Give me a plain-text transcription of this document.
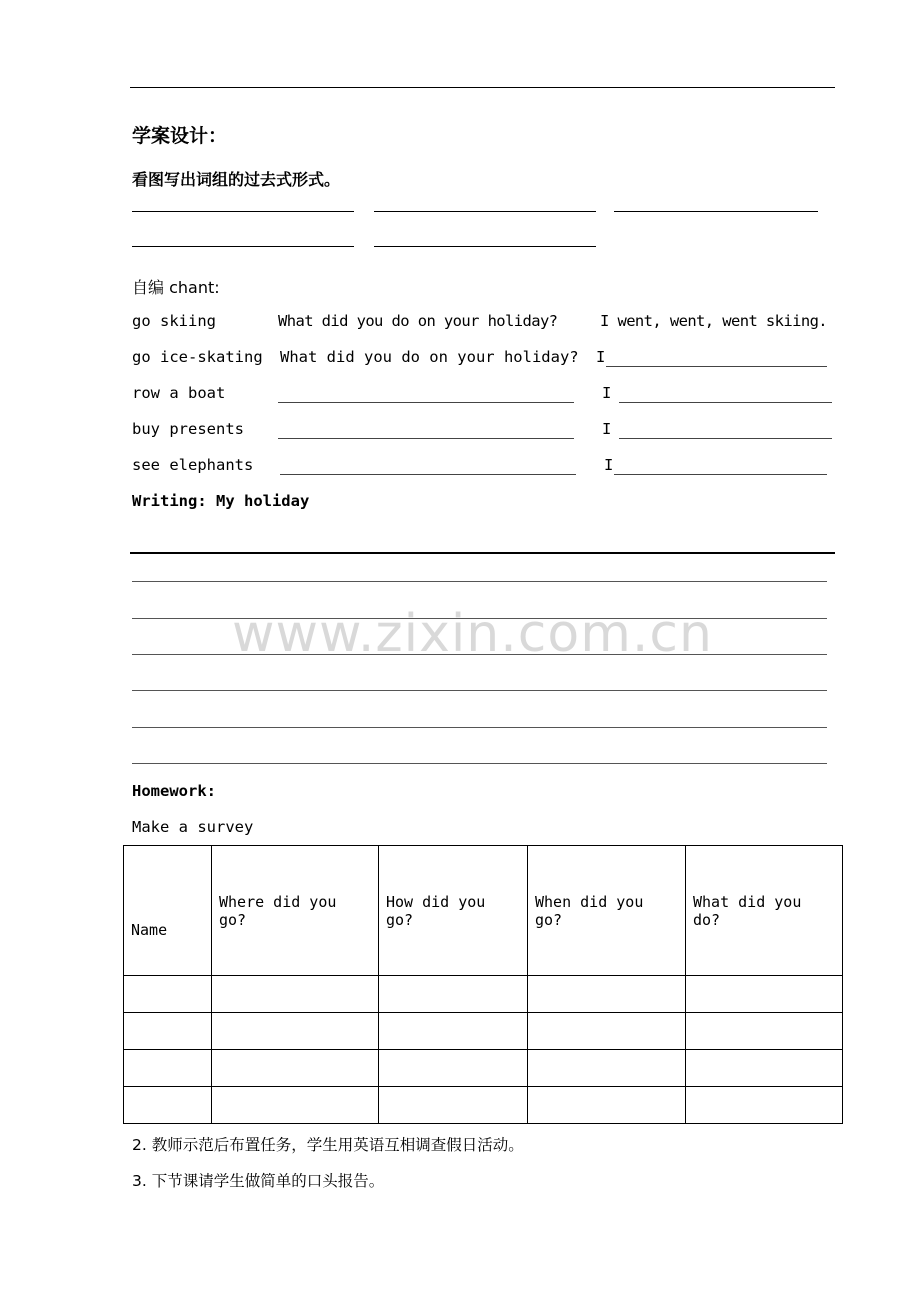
学案设计：
看图写出词组的过去式形式。
自编 chant:
go skiing	What did you do on your holiday?	I went, went, went skiing.
go ice-skating What did you do on your holiday? I
row a boat	I
buy presents	I
see elephants	I
Writing: My holiday
www.zixin.com.cn
Homework:
Make a survey
Name	Where did you go?	How did you go?	When did you go?	What did you do?

2. 教师示范后布置任务，学生用英语互相调查假日活动。
3. 下节课请学生做简单的口头报告。
